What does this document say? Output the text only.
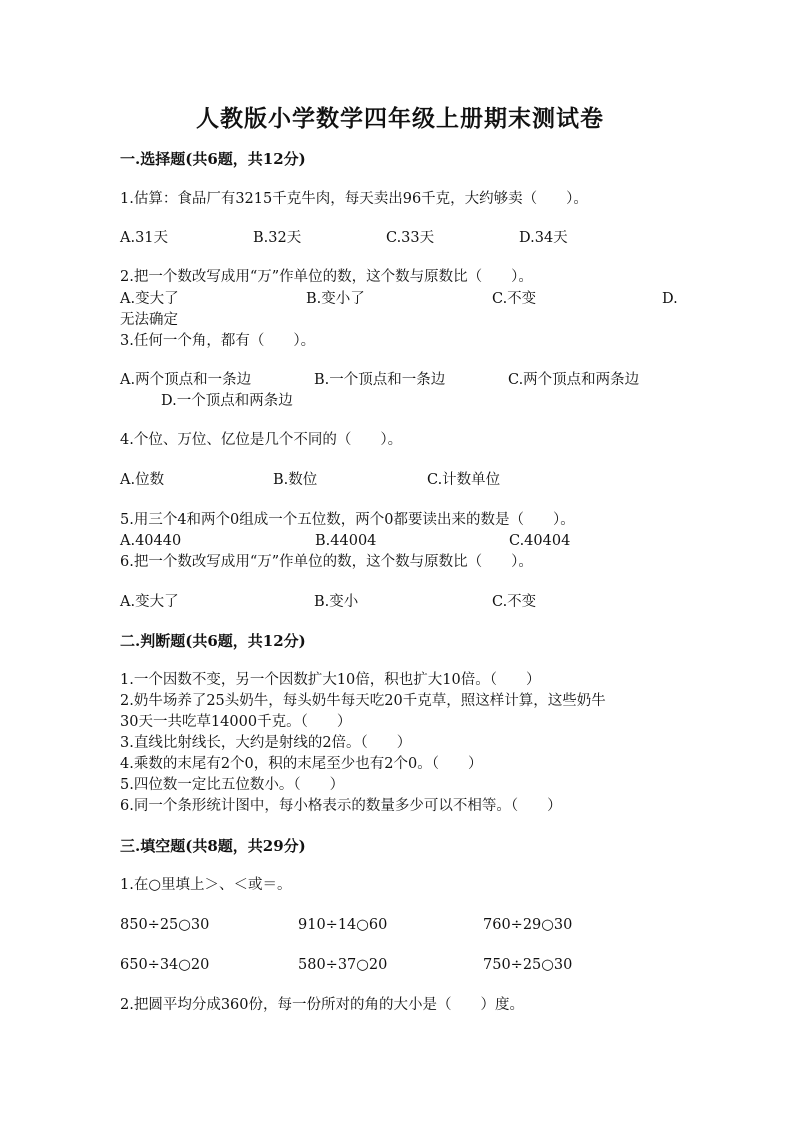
人教版小学数学四年级上册期末测试卷
一.选择题(共6题，共12分)
1.估算：食品厂有3215千克牛肉，每天卖出96千克，大约够卖（　　）。
A.31天	B.32天	C.33天	D.34天
2.把一个数改写成用“万”作单位的数，这个数与原数比（　　）。
A.变大了	B.变小了	C.不变	D.
无法确定
3.任何一个角，都有（　　）。
A.两个顶点和一条边	B.一个顶点和一条边	C.两个顶点和两条边
D.一个顶点和两条边
4.个位、万位、亿位是几个不同的（　　）。
A.位数	B.数位	C.计数单位
5.用三个4和两个0组成一个五位数，两个0都要读出来的数是（　　）。
A.40440	B.44004	C.40404
6.把一个数改写成用“万”作单位的数，这个数与原数比（　　）。
A.变大了	B.变小	C.不变
二.判断题(共6题，共12分)
1.一个因数不变，另一个因数扩大10倍，积也扩大10倍。（　　）
2.奶牛场养了25头奶牛，每头奶牛每天吃20千克草，照这样计算，这些奶牛
30天一共吃草14000千克。（　　）
3.直线比射线长，大约是射线的2倍。（　　）
4.乘数的末尾有2个0，积的末尾至少也有2个0。（　　）
5.四位数一定比五位数小。（　　）
6.同一个条形统计图中，每小格表示的数量多少可以不相等。（　　）
三.填空题(共8题，共29分)
1.在○里填上＞、＜或＝。
850÷25○30	910÷14○60	760÷29○30
650÷34○20	580÷37○20	750÷25○30
2.把圆平均分成360份，每一份所对的角的大小是（　　）度。
